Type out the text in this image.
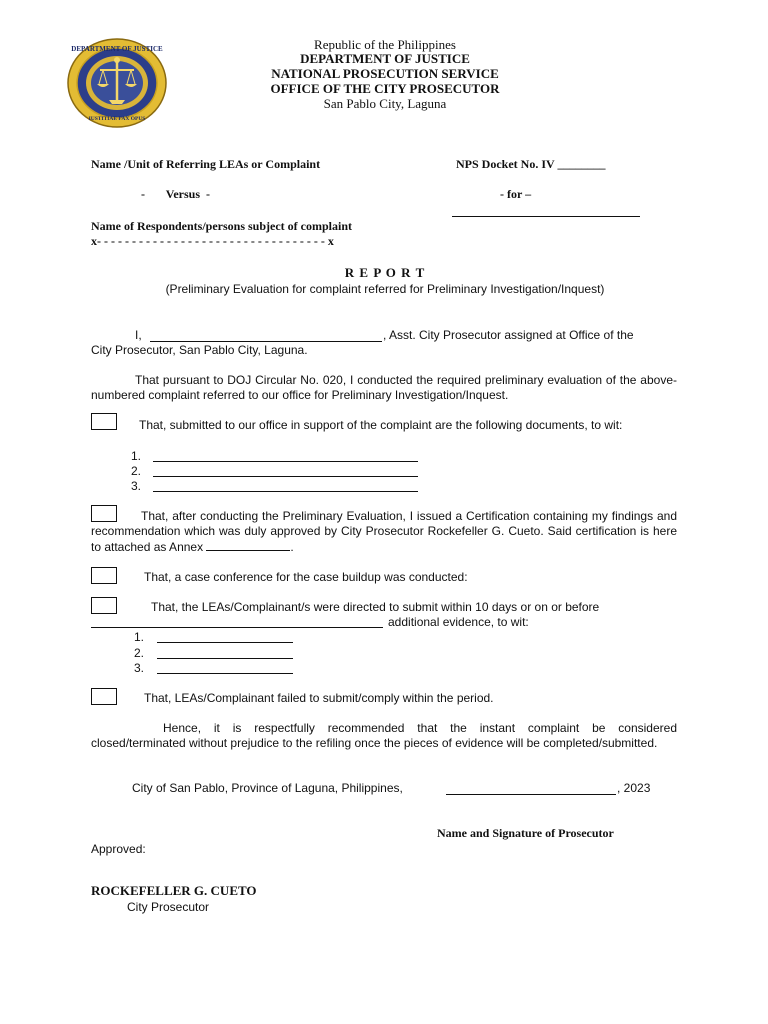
DEPARTMENT OF JUSTICE
IUSTITIAE PAX OPUS
Republic of the Philippines
DEPARTMENT OF JUSTICE
NATIONAL PROSECUTION SERVICE
OFFICE OF THE CITY PROSECUTOR
San Pablo City, Laguna
Name /Unit of Referring LEAs or Complaint	NPS Docket No. IV ________
-       Versus  -	- for –
Name of Respondents/persons subject of complaint
x- - - - - - - - - - - - - - - - - - - - - - - - - - - - - - - - - x
R E P O R T
(Preliminary Evaluation for complaint referred for Preliminary Investigation/Inquest)
I,	, Asst. City Prosecutor assigned at Office of the
City Prosecutor, San Pablo City, Laguna.
That pursuant to DOJ Circular No. 020, I conducted the required preliminary evaluation of the above-numbered complaint referred to our office for Preliminary Investigation/Inquest.
That, submitted to our office in support of the complaint are the following documents, to wit:
1.
2.
3.
That, after conducting the Preliminary Evaluation, I issued a Certification containing my findings and recommendation which was duly approved by City Prosecutor Rockefeller G. Cueto. Said certification is here to attached as Annex	.
That, a case conference for the case buildup was conducted:
That, the LEAs/Complainant/s were directed to submit within 10 days or on or before
additional evidence, to wit:
1.
2.
3.
That, LEAs/Complainant failed to submit/comply within the period.
Hence, it is respectfully recommended that the instant complaint be considered closed/terminated without prejudice to the refiling once the pieces of evidence will be completed/submitted.
City of San Pablo, Province of Laguna, Philippines,	, 2023
Name and Signature of Prosecutor
Approved:
ROCKEFELLER G. CUETO
City Prosecutor
